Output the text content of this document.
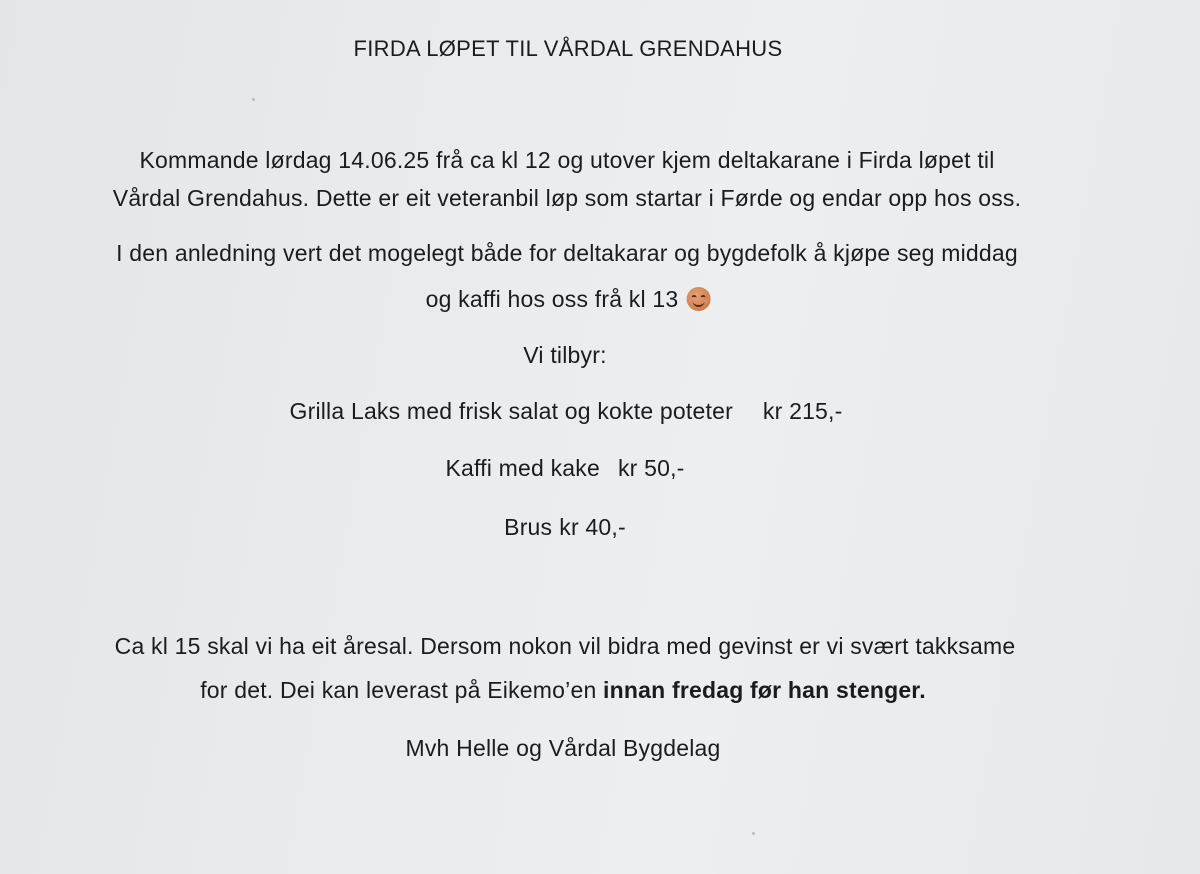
FIRDA LØPET TIL VÅRDAL GRENDAHUS
Kommande lørdag 14.06.25 frå ca kl 12 og utover kjem deltakarane i Firda løpet til
Vårdal Grendahus. Dette er eit veteranbil løp som startar i Førde og endar opp hos oss.
I den anledning vert det mogelegt både for deltakarar og bygdefolk å kjøpe seg middag
og kaffi hos oss frå kl 13
Vi tilbyr:
Grilla Laks med frisk salat og kokte poteter kr 215,-
Kaffi med kake kr 50,-
Brus kr 40,-
Ca kl 15 skal vi ha eit åresal. Dersom nokon vil bidra med gevinst er vi svært takksame
for det. Dei kan leverast på Eikemo’en innan fredag før han stenger.
Mvh Helle og Vårdal Bygdelag
